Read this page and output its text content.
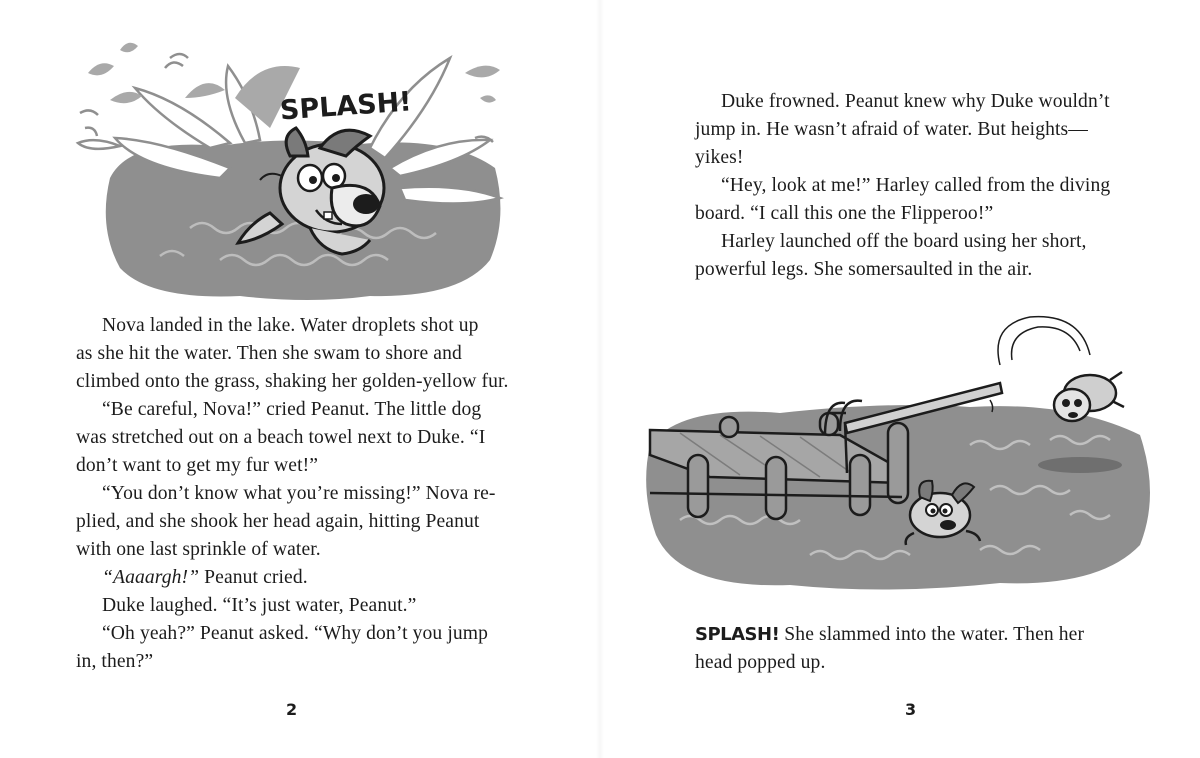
SPLASH!

Nova landed in the lake. Water droplets shot up

as she hit the water. Then she swam to shore and

climbed onto the grass, shaking her golden-yellow fur.

“Be careful, Nova!” cried Peanut. The little dog

was stretched out on a beach towel next to Duke. “I

don’t want to get my fur wet!”

“You don’t know what you’re missing!” Nova re-

plied, and she shook her head again, hitting Peanut

with one last sprinkle of water.

“Aaaargh!” Peanut cried.

Duke laughed. “It’s just water, Peanut.”

“Oh yeah?” Peanut asked. “Why don’t you jump

in, then?”

2

Duke frowned. Peanut knew why Duke wouldn’t

jump in. He wasn’t afraid of water. But heights—

yikes!

“Hey, look at me!” Harley called from the diving

board. “I call this one the Flipperoo!”

Harley launched off the board using her short,

powerful legs. She somersaulted in the air.

SPLASH! She slammed into the water. Then her

head popped up.

3
